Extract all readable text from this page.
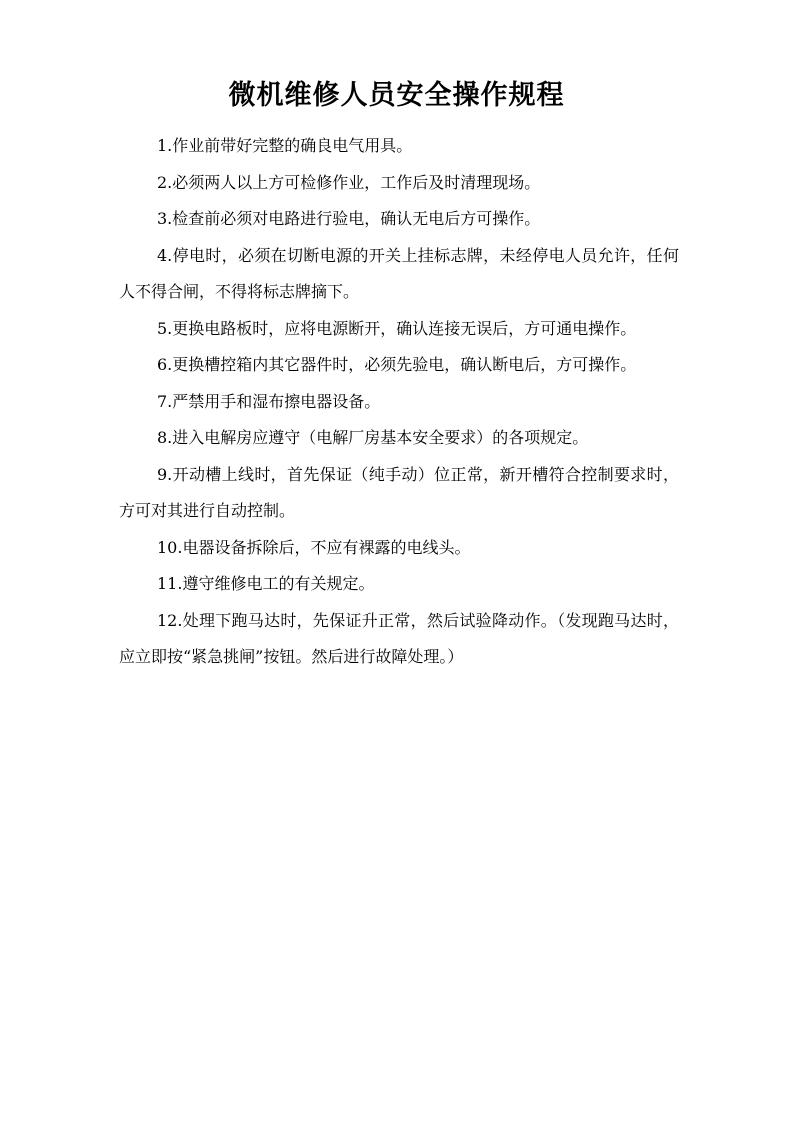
微机维修人员安全操作规程

1.作业前带好完整的确良电气用具。

2.必须两人以上方可检修作业，工作后及时清理现场。

3.检查前必须对电路进行验电，确认无电后方可操作。

4.停电时，必须在切断电源的开关上挂标志牌，未经停电人员允许，任何人不得合闸，不得将标志牌摘下。

5.更换电路板时，应将电源断开，确认连接无误后，方可通电操作。

6.更换槽控箱内其它器件时，必须先验电，确认断电后，方可操作。

7.严禁用手和湿布擦电器设备。

8.进入电解房应遵守（电解厂房基本安全要求）的各项规定。

9.开动槽上线时，首先保证（纯手动）位正常，新开槽符合控制要求时，方可对其进行自动控制。

10.电器设备拆除后，不应有裸露的电线头。

11.遵守维修电工的有关规定。

12.处理下跑马达时，先保证升正常，然后试验降动作。（发现跑马达时，应立即按“紧急挑闸”按钮。然后进行故障处理。）
